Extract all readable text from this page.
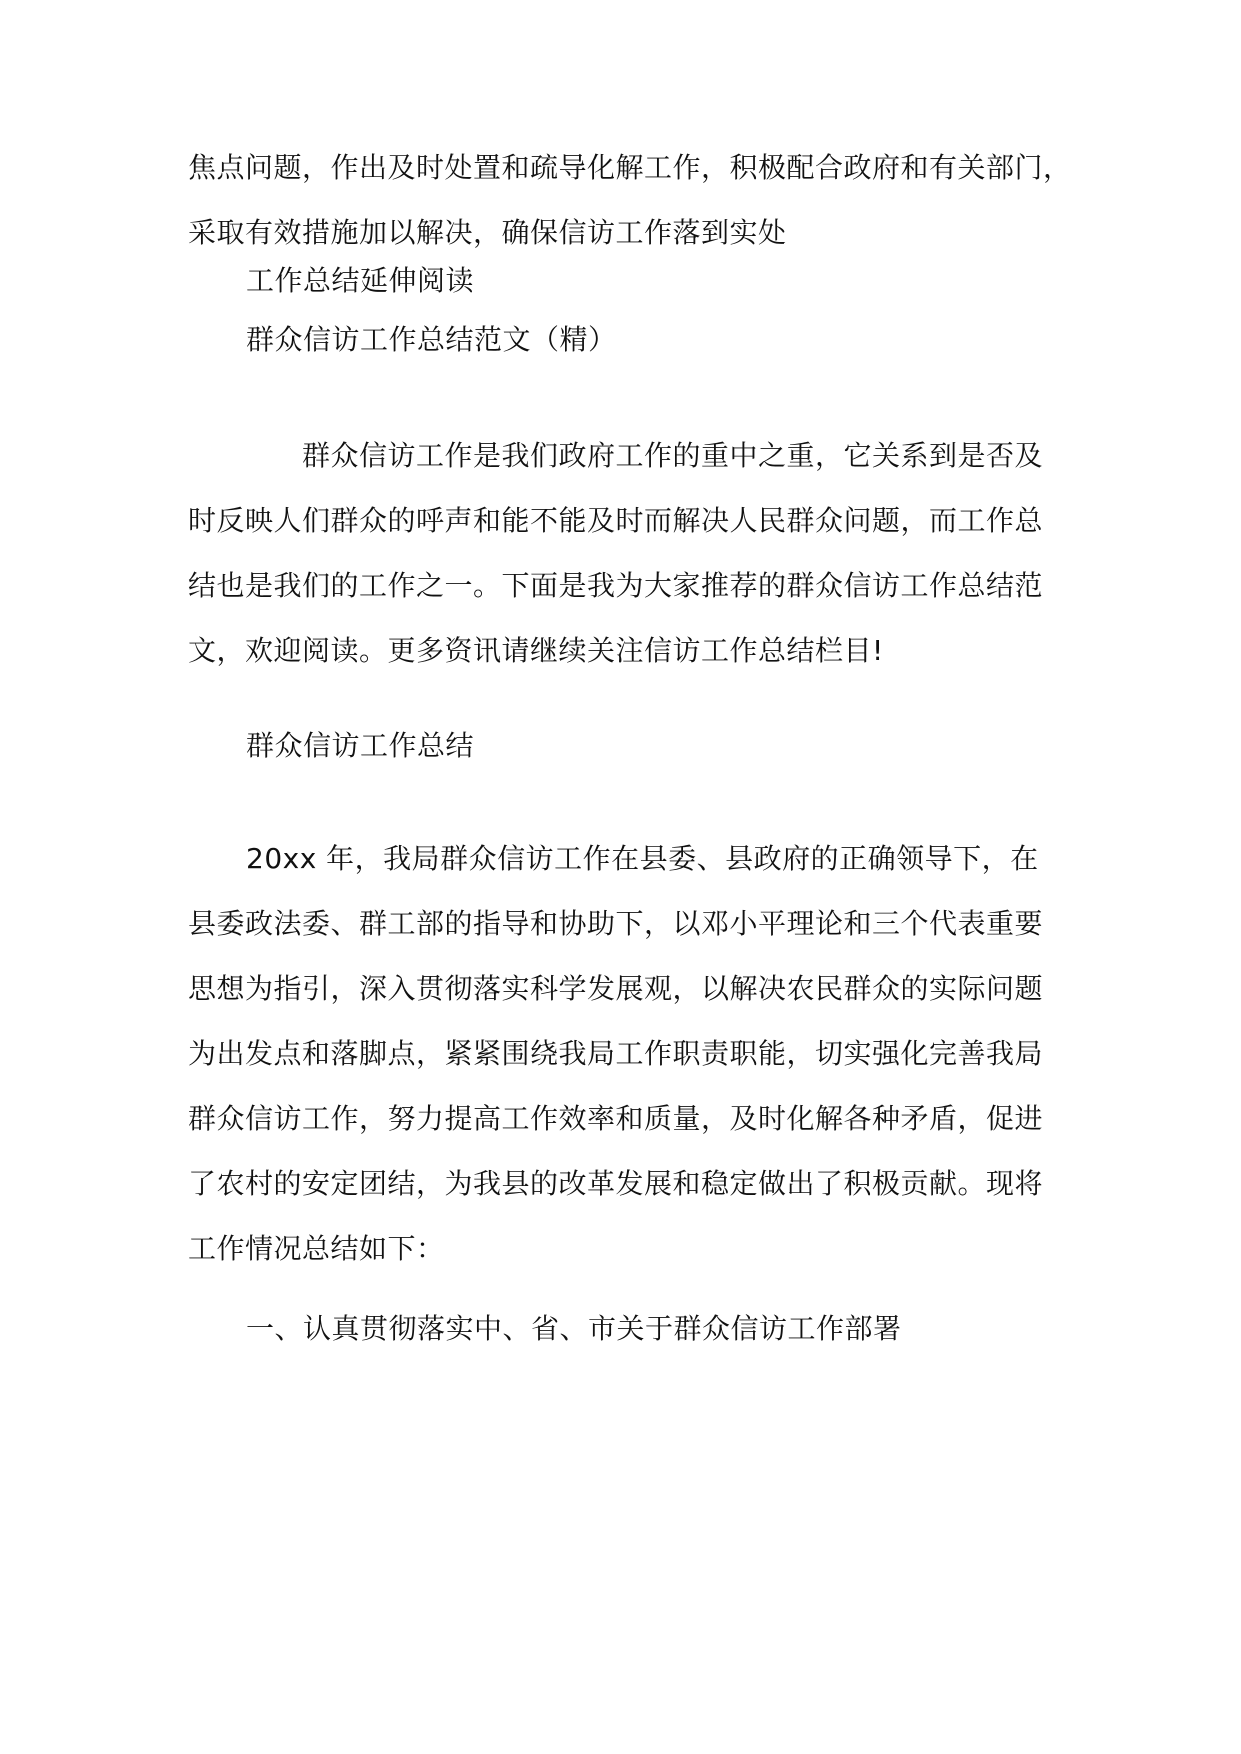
焦点问题，作出及时处置和疏导化解工作，积极配合政府和有关部门，
采取有效措施加以解决，确保信访工作落到实处

工作总结延伸阅读
群众信访工作总结范文（精）

群众信访工作是我们政府工作的重中之重，它关系到是否及
时反映人们群众的呼声和能不能及时而解决人民群众问题，而工作总
结也是我们的工作之一。下面是我为大家推荐的群众信访工作总结范
文，欢迎阅读。更多资讯请继续关注信访工作总结栏目!

群众信访工作总结

20xx 年，我局群众信访工作在县委、县政府的正确领导下，在
县委政法委、群工部的指导和协助下，以邓小平理论和三个代表重要
思想为指引，深入贯彻落实科学发展观，以解决农民群众的实际问题
为出发点和落脚点，紧紧围绕我局工作职责职能，切实强化完善我局
群众信访工作，努力提高工作效率和质量，及时化解各种矛盾，促进
了农村的安定团结，为我县的改革发展和稳定做出了积极贡献。现将
工作情况总结如下：

一、认真贯彻落实中、省、市关于群众信访工作部署
